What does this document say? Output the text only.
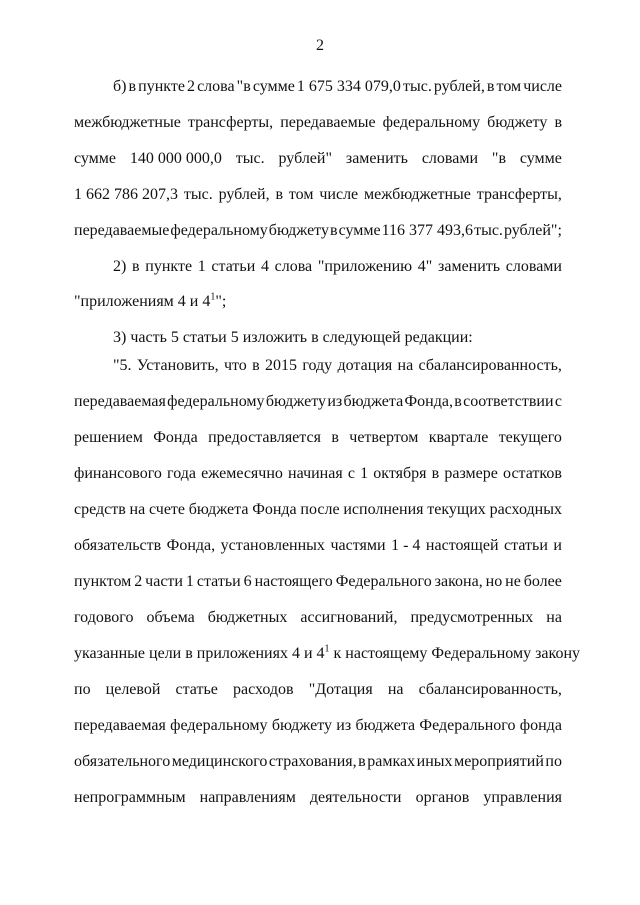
2
б) в пункте 2 слова "в сумме 1 675 334 079,0 тыс. рублей, в том числе
межбюджетные трансферты, передаваемые федеральному бюджету в
сумме 140 000 000,0 тыс. рублей" заменить словами "в сумме
1 662 786 207,3 тыс. рублей, в том числе межбюджетные трансферты,
передаваемые федеральному бюджету в сумме 116 377 493,6 тыс. рублей";
2) в пункте 1 статьи 4 слова "приложению 4" заменить словами
"приложениям 4 и $4^1$";
3) часть 5 статьи 5 изложить в следующей редакции:
"5. Установить, что в 2015 году дотация на сбалансированность,
передаваемая федеральному бюджету из бюджета Фонда, в соответствии с
решением Фонда предоставляется в четвертом квартале текущего
финансового года ежемесячно начиная с 1 октября в размере остатков
средств на счете бюджета Фонда после исполнения текущих расходных
обязательств Фонда, установленных частями 1 - 4 настоящей статьи и
пунктом 2 части 1 статьи 6 настоящего Федерального закона, но не более
годового объема бюджетных ассигнований, предусмотренных на
указанные цели в приложениях 4 и $4^1$ к настоящему Федеральному закону
по целевой статье расходов "Дотация на сбалансированность,
передаваемая федеральному бюджету из бюджета Федерального фонда
обязательного медицинского страхования, в рамках иных мероприятий по
непрограммным направлениям деятельности органов управления
